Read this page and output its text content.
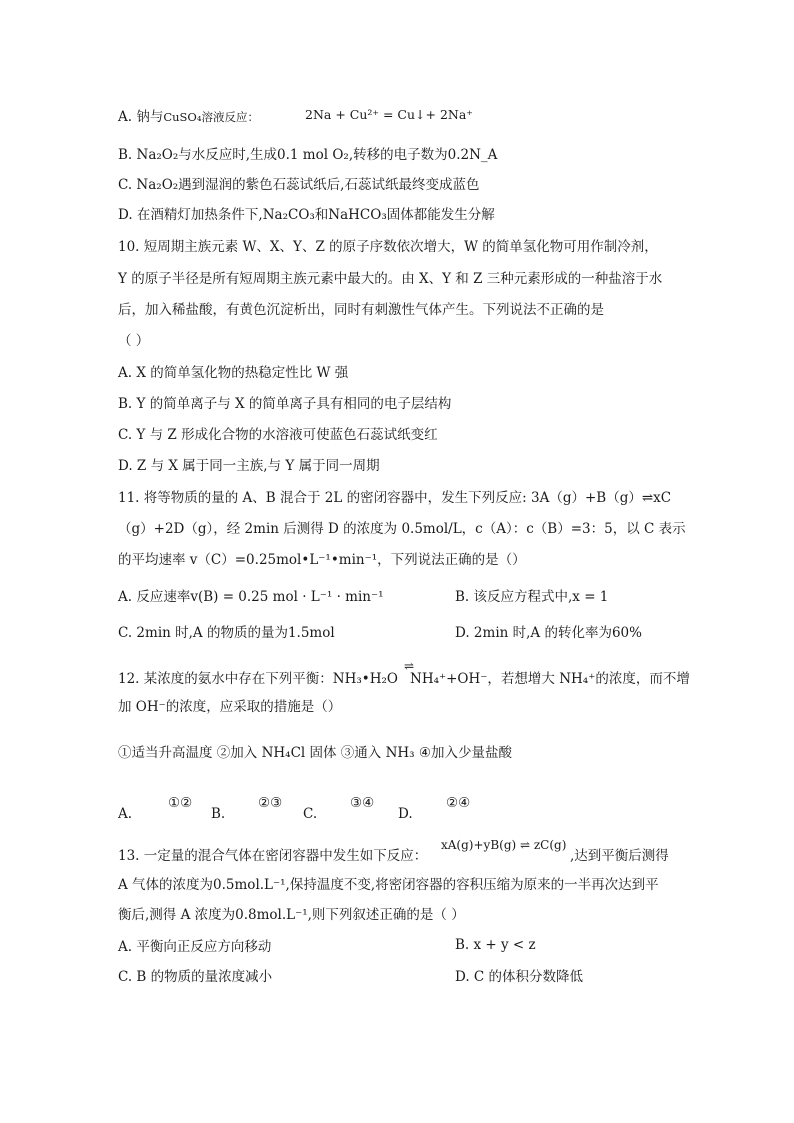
A. 钠与CuSO₄溶液反应：	2Na + Cu²⁺ = Cu↓+ 2Na⁺
B. Na₂O₂与水反应时,生成0.1 mol O₂,转移的电子数为0.2N_A
C. Na₂O₂遇到湿润的紫色石蕊试纸后,石蕊试纸最终变成蓝色
D. 在酒精灯加热条件下,Na₂CO₃和NaHCO₃固体都能发生分解
10. 短周期主族元素 W、X、Y、Z 的原子序数依次增大，W 的简单氢化物可用作制冷剂，
Y 的原子半径是所有短周期主族元素中最大的。由 X、Y 和 Z 三种元素形成的一种盐溶于水
后，加入稀盐酸，有黄色沉淀析出，同时有刺激性气体产生。下列说法不正确的是
（ ）
A. X 的简单氢化物的热稳定性比 W 强
B. Y 的简单离子与 X 的简单离子具有相同的电子层结构
C. Y 与 Z 形成化合物的水溶液可使蓝色石蕊试纸变红
D. Z 与 X 属于同一主族,与 Y 属于同一周期
11. 将等物质的量的 A、B 混合于 2L 的密闭容器中，发生下列反应: 3A（g）+B（g）⇌xC
（g）+2D（g），经 2min 后测得 D 的浓度为 0.5mol/L，c（A）：c（B）=3：5，以 C 表示
的平均速率 v（C）=0.25mol•L⁻¹•min⁻¹，下列说法正确的是（）
A. 反应速率v(B) = 0.25 mol · L⁻¹ · min⁻¹	B. 该反应方程式中,x = 1
C. 2min 时,A 的物质的量为1.5mol	D. 2min 时,A 的转化率为60%
12. 某浓度的氨水中存在下列平衡：NH₃•H₂O
⇌
NH₄⁺+OH⁻，若想增大 NH₄⁺的浓度，而不增
加 OH⁻的浓度，应采取的措施是（）
①适当升高温度 ②加入 NH₄Cl 固体 ③通入 NH₃ ④加入少量盐酸
A.
①②
B.
②③
C.
③④
D.
②④
13. 一定量的混合气体在密闭容器中发生如下反应：
xA(g)+yB(g) ⇌ zC(g)
,达到平衡后测得
A 气体的浓度为0.5mol.L⁻¹,保持温度不变,将密闭容器的容积压缩为原来的一半再次达到平
衡后,测得 A 浓度为0.8mol.L⁻¹,则下列叙述正确的是（ ）
A. 平衡向正反应方向移动	B. x + y < z
C. B 的物质的量浓度减小	D. C 的体积分数降低
